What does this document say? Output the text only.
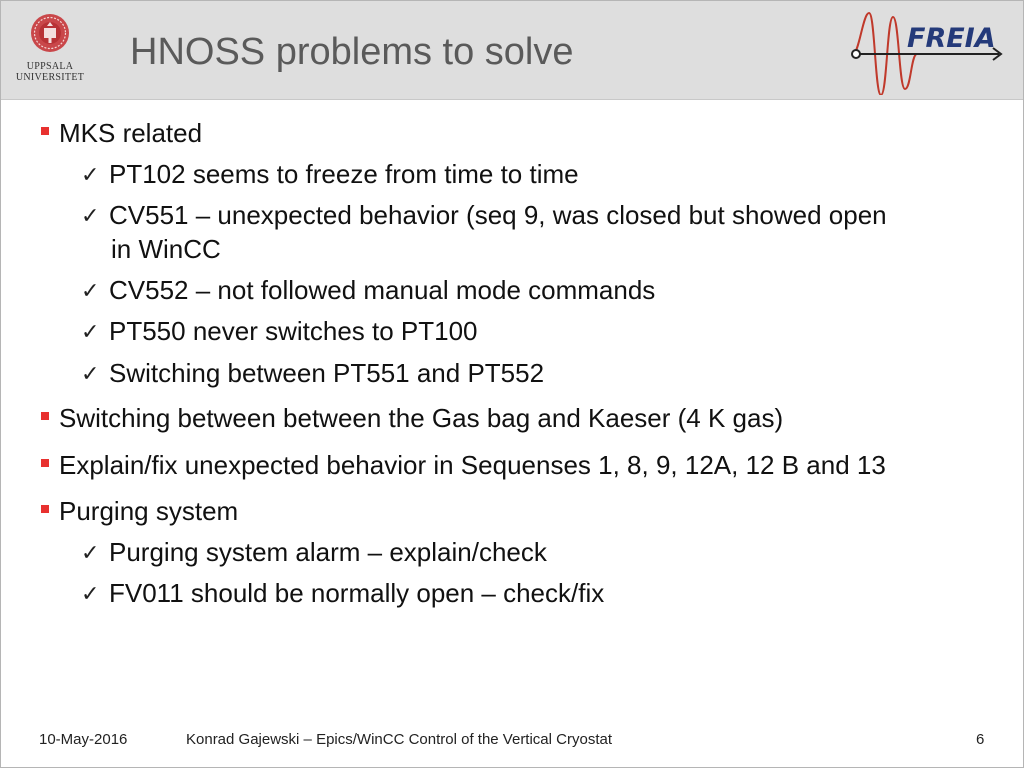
UPPSALA
UNIVERSITET
HNOSS problems to solve	FREIA
MKS related
✓ PT102 seems to freeze from time to time
✓ CV551 – unexpected behavior (seq 9, was closed but showed open
in WinCC
✓ CV552 – not followed manual mode commands
✓ PT550 never switches to PT100
✓ Switching between PT551 and PT552
Switching between between the Gas bag and Kaeser (4 K gas)
Explain/fix unexpected behavior in Sequenses 1, 8, 9, 12A, 12 B and 13
Purging system
✓ Purging system alarm – explain/check
✓ FV011 should be normally open – check/fix
10-May-2016	Konrad Gajewski – Epics/WinCC Control of the Vertical Cryostat	6
